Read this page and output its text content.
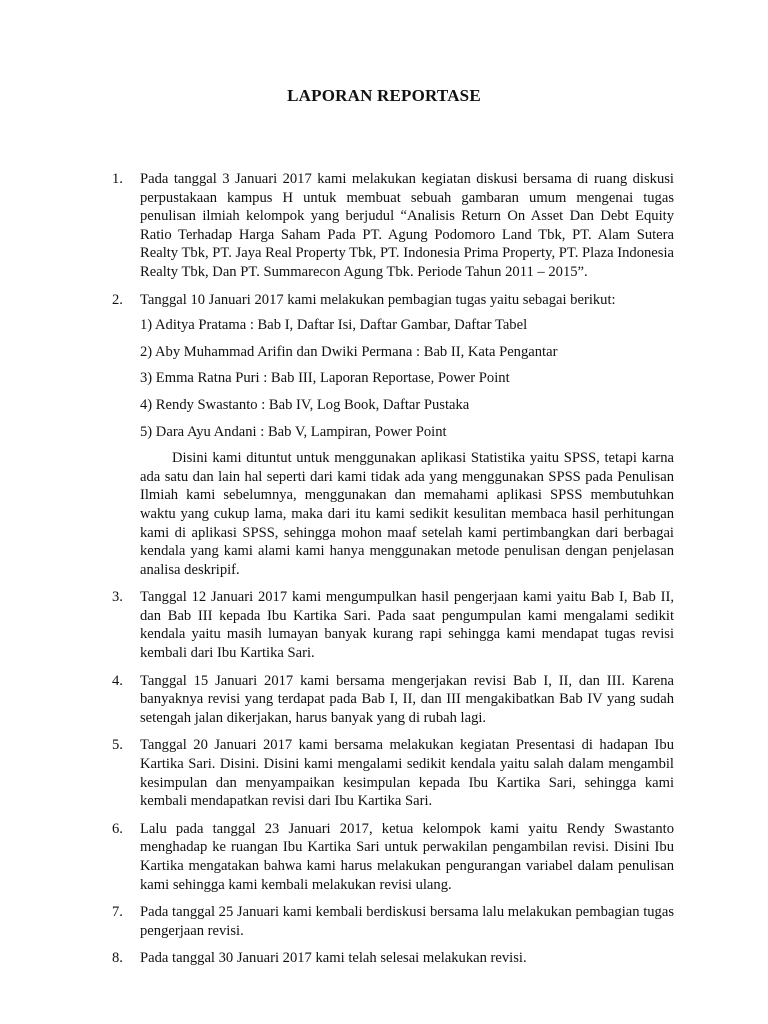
LAPORAN REPORTASE
1. Pada tanggal 3 Januari 2017 kami melakukan kegiatan diskusi bersama di ruang diskusi perpustakaan kampus H untuk membuat sebuah gambaran umum mengenai tugas penulisan ilmiah kelompok yang berjudul “Analisis Return On Asset Dan Debt Equity Ratio Terhadap Harga Saham Pada PT. Agung Podomoro Land Tbk, PT. Alam Sutera Realty Tbk, PT. Jaya Real Property Tbk, PT. Indonesia Prima Property, PT. Plaza Indonesia Realty Tbk, Dan PT. Summarecon Agung Tbk. Periode Tahun 2011 – 2015”.
2. Tanggal 10 Januari 2017 kami melakukan pembagian tugas yaitu sebagai berikut:
1) Aditya Pratama : Bab I, Daftar Isi, Daftar Gambar, Daftar Tabel
2) Aby Muhammad Arifin dan Dwiki Permana : Bab II, Kata Pengantar
3) Emma Ratna Puri : Bab III, Laporan Reportase, Power Point
4) Rendy Swastanto : Bab IV, Log Book, Daftar Pustaka
5) Dara Ayu Andani : Bab V, Lampiran, Power Point
Disini kami dituntut untuk menggunakan aplikasi Statistika yaitu SPSS, tetapi karna ada satu dan lain hal seperti dari kami tidak ada yang menggunakan SPSS pada Penulisan Ilmiah kami sebelumnya, menggunakan dan memahami aplikasi SPSS membutuhkan waktu yang cukup lama, maka dari itu kami sedikit kesulitan membaca hasil perhitungan kami di aplikasi SPSS, sehingga mohon maaf setelah kami pertimbangkan dari berbagai kendala yang kami alami kami hanya menggunakan metode penulisan dengan penjelasan analisa deskripif.
3. Tanggal 12 Januari 2017 kami mengumpulkan hasil pengerjaan kami yaitu Bab I, Bab II, dan Bab III kepada Ibu Kartika Sari. Pada saat pengumpulan kami mengalami sedikit kendala yaitu masih lumayan banyak kurang rapi sehingga kami mendapat tugas revisi kembali dari Ibu Kartika Sari.
4. Tanggal 15 Januari 2017 kami bersama mengerjakan revisi Bab I, II, dan III. Karena banyaknya revisi yang terdapat pada Bab I, II, dan III mengakibatkan Bab IV yang sudah setengah jalan dikerjakan, harus banyak yang di rubah lagi.
5. Tanggal 20 Januari 2017 kami bersama melakukan kegiatan Presentasi di hadapan Ibu Kartika Sari. Disini. Disini kami mengalami sedikit kendala yaitu salah dalam mengambil kesimpulan dan menyampaikan kesimpulan kepada Ibu Kartika Sari, sehingga kami kembali mendapatkan revisi dari Ibu Kartika Sari.
6. Lalu pada tanggal 23 Januari 2017, ketua kelompok kami yaitu Rendy Swastanto menghadap ke ruangan Ibu Kartika Sari untuk perwakilan pengambilan revisi. Disini Ibu Kartika mengatakan bahwa kami harus melakukan pengurangan variabel dalam penulisan kami sehingga kami kembali melakukan revisi ulang.
7. Pada tanggal 25 Januari kami kembali berdiskusi bersama lalu melakukan pembagian tugas pengerjaan revisi.
8. Pada tanggal 30 Januari 2017 kami telah selesai melakukan revisi.
